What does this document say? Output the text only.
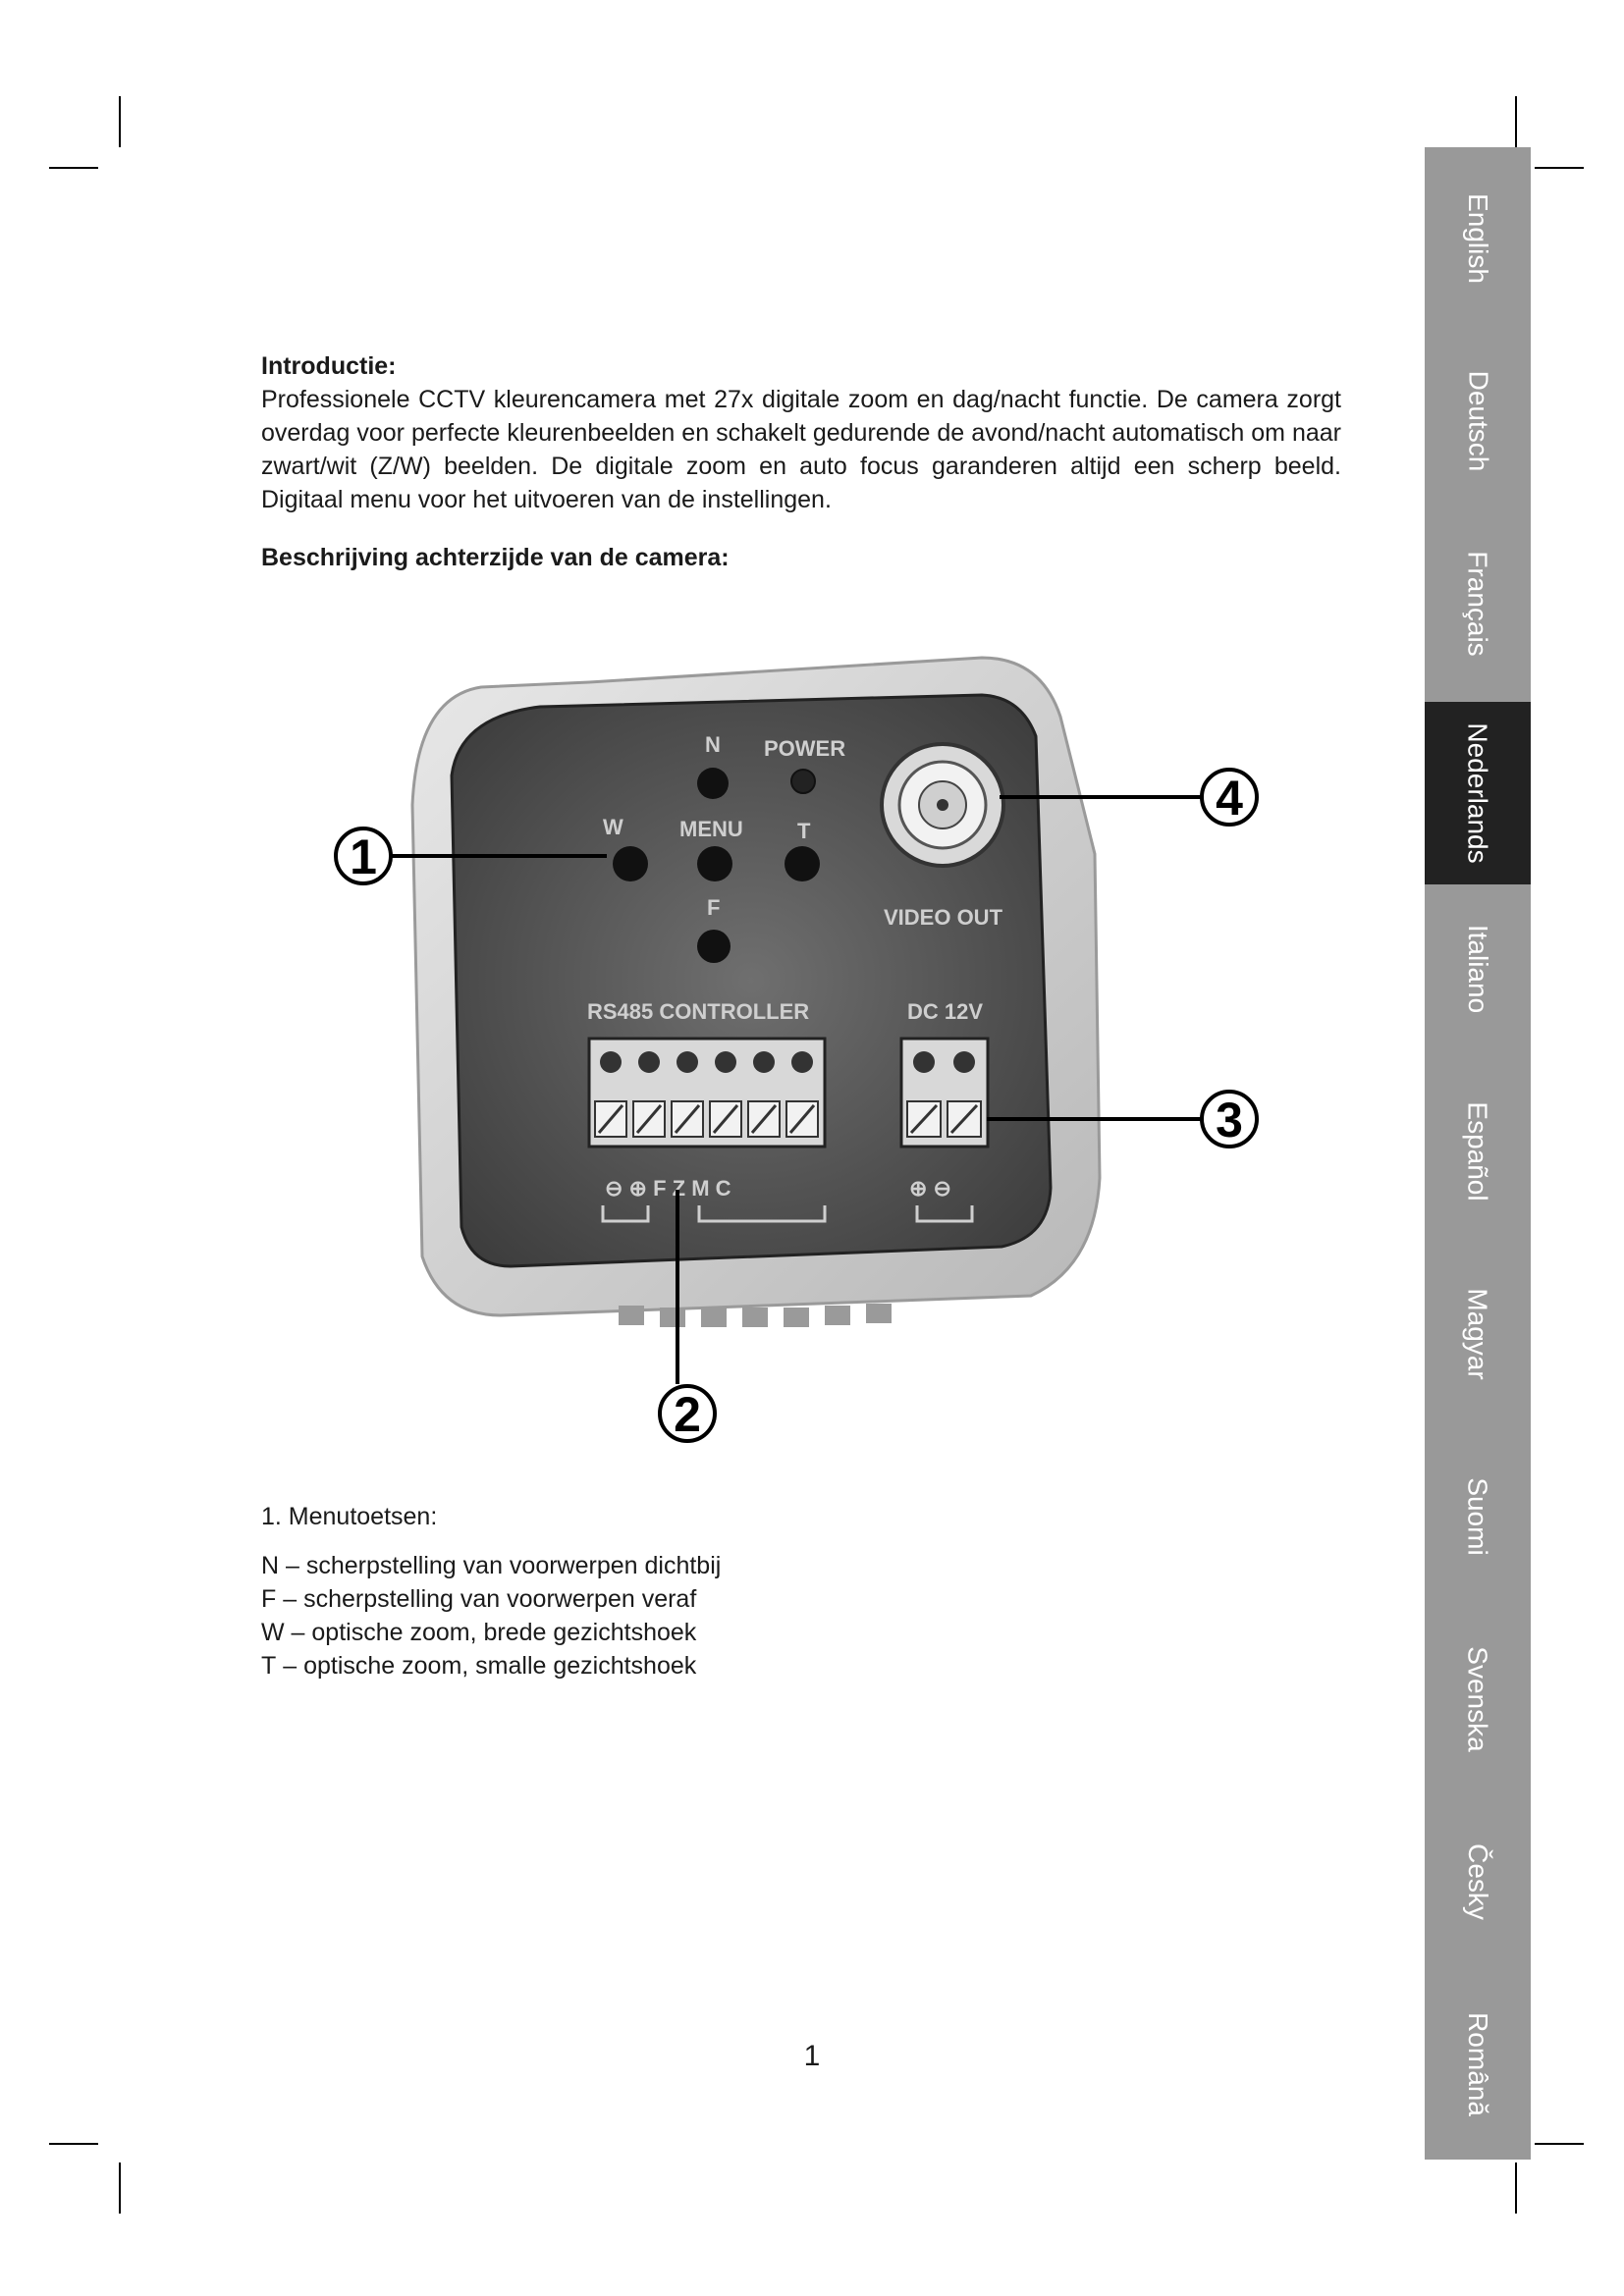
Introductie:
Professionele CCTV kleurencamera met 27x digitale zoom en dag/nacht functie. De camera zorgt overdag voor perfecte kleurenbeelden en schakelt gedurende de avond/nacht automatisch om naar zwart/wit (Z/W) beelden. De digitale zoom en auto focus garanderen altijd een scherp beeld. Digitaal menu voor het uitvoeren van de instellingen.
Beschrijving achterzijde van de camera:
N POWER
W	MENU	T
F	VIDEO OUT
RS485 CONTROLLER	DC 12V
⊖ ⊕ F Z M C	⊕ ⊖
1
4
3
2
1. Menutoetsen:
N – scherpstelling van voorwerpen dichtbij
F – scherpstelling van voorwerpen veraf
W – optische zoom, brede gezichtshoek
T – optische zoom, smalle gezichtshoek
1
English
Deutsch
Français
Nederlands
Italiano
Español
Magyar
Suomi
Svenska
Česky
Română
